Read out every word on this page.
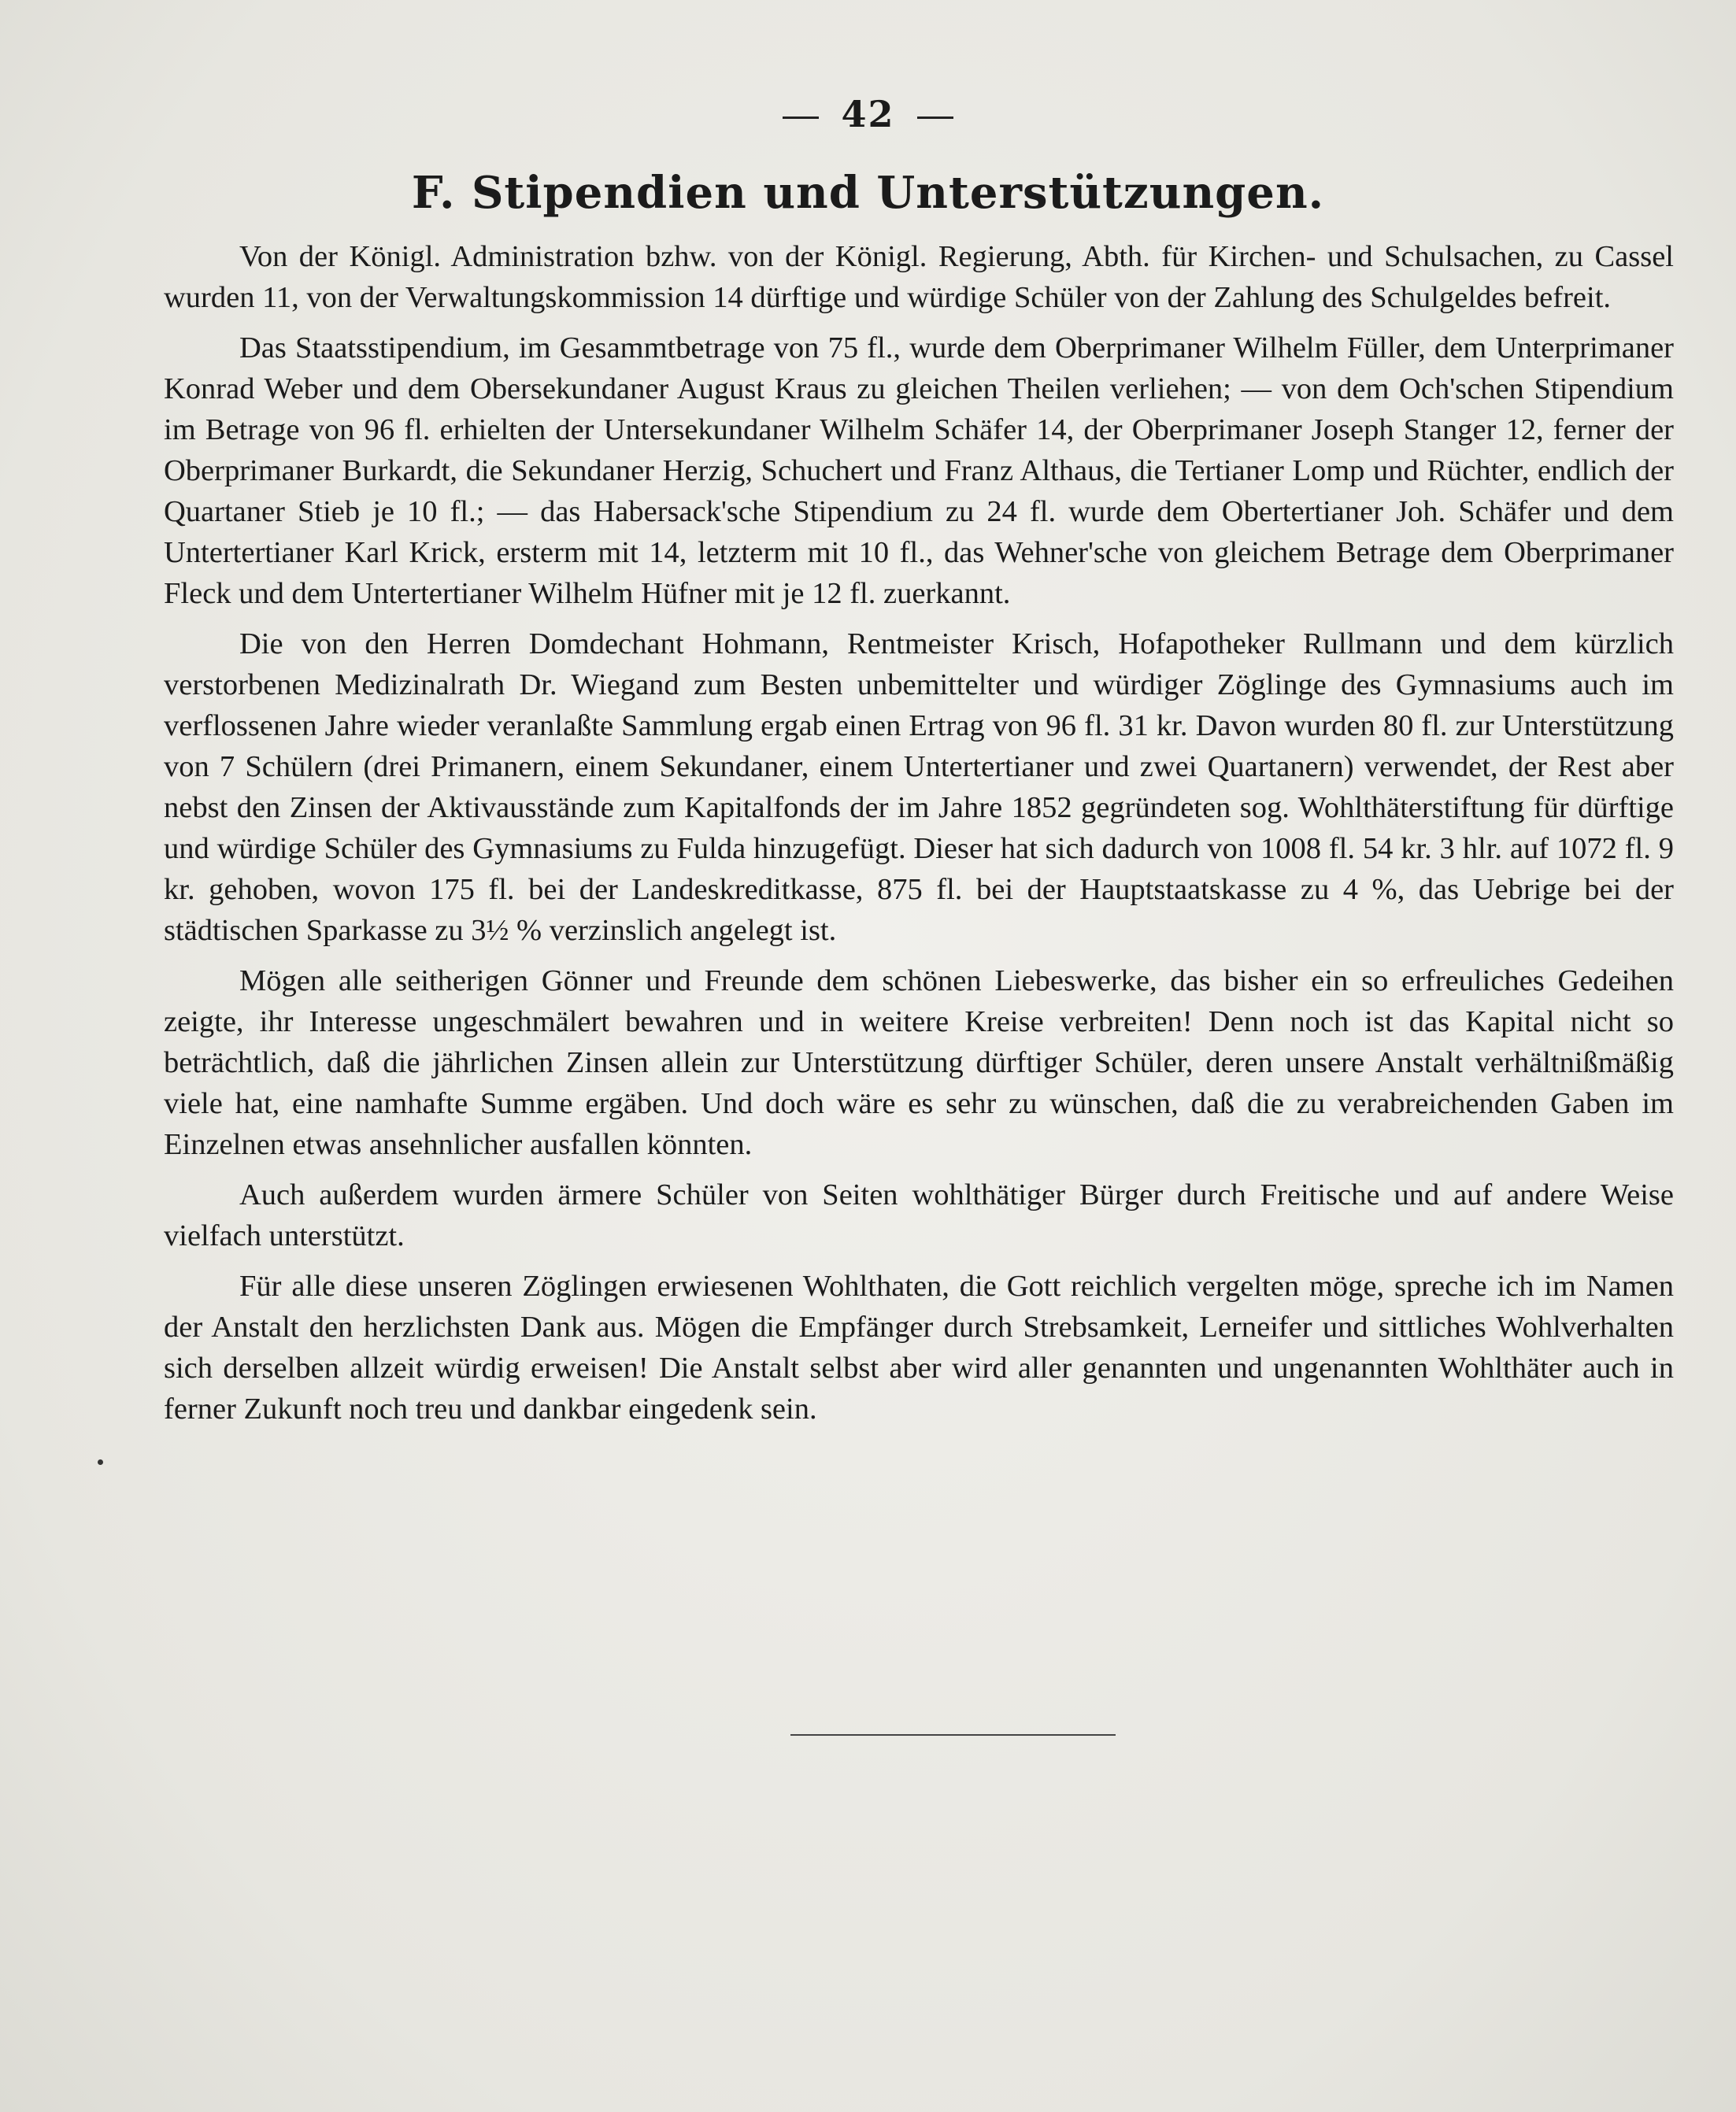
42
F. Stipendien und Unterstützungen.

Von der Königl. Administration bzhw. von der Königl. Regierung, Abth. für Kirchen- und Schulsachen, zu Cassel wurden 11, von der Verwaltungskommission 14 dürftige und würdige Schüler von der Zahlung des Schulgeldes befreit.

Das Staatsstipendium, im Gesammtbetrage von 75 fl., wurde dem Oberprimaner Wilhelm Füller, dem Unterprimaner Konrad Weber und dem Obersekundaner August Kraus zu gleichen Theilen verliehen; — von dem Och'schen Stipendium im Betrage von 96 fl. erhielten der Untersekundaner Wilhelm Schäfer 14, der Oberprimaner Joseph Stanger 12, ferner der Oberprimaner Burkardt, die Sekundaner Herzig, Schuchert und Franz Althaus, die Tertianer Lomp und Rüchter, endlich der Quartaner Stieb je 10 fl.; — das Habersack'sche Stipendium zu 24 fl. wurde dem Obertertianer Joh. Schäfer und dem Untertertianer Karl Krick, ersterm mit 14, letzterm mit 10 fl., das Wehner'sche von gleichem Betrage dem Oberprimaner Fleck und dem Untertertianer Wilhelm Hüfner mit je 12 fl. zuerkannt.

Die von den Herren Domdechant Hohmann, Rentmeister Krisch, Hofapotheker Rullmann und dem kürzlich verstorbenen Medizinalrath Dr. Wiegand zum Besten unbemittelter und würdiger Zöglinge des Gymnasiums auch im verflossenen Jahre wieder veranlaßte Sammlung ergab einen Ertrag von 96 fl. 31 kr. Davon wurden 80 fl. zur Unterstützung von 7 Schülern (drei Primanern, einem Sekundaner, einem Untertertianer und zwei Quartanern) verwendet, der Rest aber nebst den Zinsen der Aktivausstände zum Kapitalfonds der im Jahre 1852 gegründeten sog. Wohlthäterstiftung für dürftige und würdige Schüler des Gymnasiums zu Fulda hinzugefügt. Dieser hat sich dadurch von 1008 fl. 54 kr. 3 hlr. auf 1072 fl. 9 kr. gehoben, wovon 175 fl. bei der Landeskreditkasse, 875 fl. bei der Hauptstaatskasse zu 4 %, das Uebrige bei der städtischen Sparkasse zu 3½ % verzinslich angelegt ist.

Mögen alle seitherigen Gönner und Freunde dem schönen Liebeswerke, das bisher ein so erfreuliches Gedeihen zeigte, ihr Interesse ungeschmälert bewahren und in weitere Kreise verbreiten! Denn noch ist das Kapital nicht so beträchtlich, daß die jährlichen Zinsen allein zur Unterstützung dürftiger Schüler, deren unsere Anstalt verhältnißmäßig viele hat, eine namhafte Summe ergäben. Und doch wäre es sehr zu wünschen, daß die zu verabreichenden Gaben im Einzelnen etwas ansehnlicher ausfallen könnten.

Auch außerdem wurden ärmere Schüler von Seiten wohlthätiger Bürger durch Freitische und auf andere Weise vielfach unterstützt.

Für alle diese unseren Zöglingen erwiesenen Wohlthaten, die Gott reichlich vergelten möge, spreche ich im Namen der Anstalt den herzlichsten Dank aus. Mögen die Empfänger durch Strebsamkeit, Lerneifer und sittliches Wohlverhalten sich derselben allzeit würdig erweisen! Die Anstalt selbst aber wird aller genannten und ungenannten Wohlthäter auch in ferner Zukunft noch treu und dankbar eingedenk sein.
